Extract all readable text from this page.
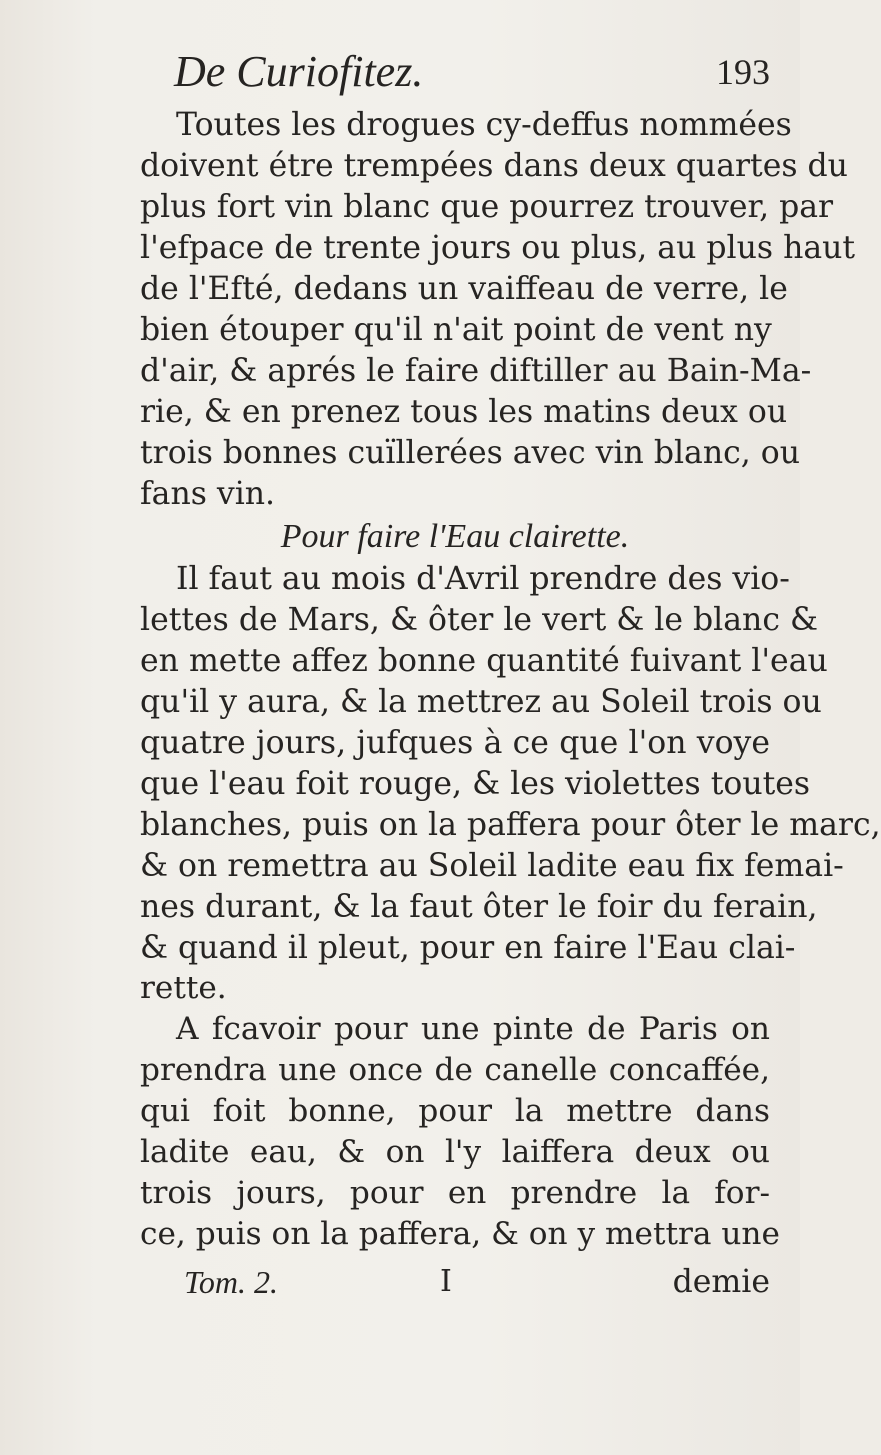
De Curiofitez.	193
Toutes les drogues cy-deffus nommées
doivent étre trempées dans deux quartes du
plus fort vin blanc que pourrez trouver, par
l'efpace de trente jours ou plus, au plus haut
de l'Efté, dedans un vaiffeau de verre, le
bien étouper qu'il n'ait point de vent ny
d'air, & aprés le faire diftiller au Bain-Ma-
rie, & en prenez tous les matins deux ou
trois bonnes cuïllerées avec vin blanc, ou
fans vin.
Pour faire l'Eau clairette.
Il faut au mois d'Avril prendre des vio-
lettes de Mars, & ôter le vert & le blanc &
en mette affez bonne quantité fuivant l'eau
qu'il y aura, & la mettrez au Soleil trois ou
quatre jours, jufques à ce que l'on voye
que l'eau foit rouge, & les violettes toutes
blanches, puis on la paffera pour ôter le marc,
& on remettra au Soleil ladite eau fix femai-
nes durant, & la faut ôter le foir du ferain,
& quand il pleut, pour en faire l'Eau clai-
Tom. 2.	I	demie
rette.
A fcavoir pour une pinte de Paris on
prendra une once de canelle concaffée,
qui foit bonne, pour la mettre dans
ladite eau, & on l'y laiffera deux ou
trois jours, pour en prendre la for-
ce, puis on la paffera, & on y mettra une
